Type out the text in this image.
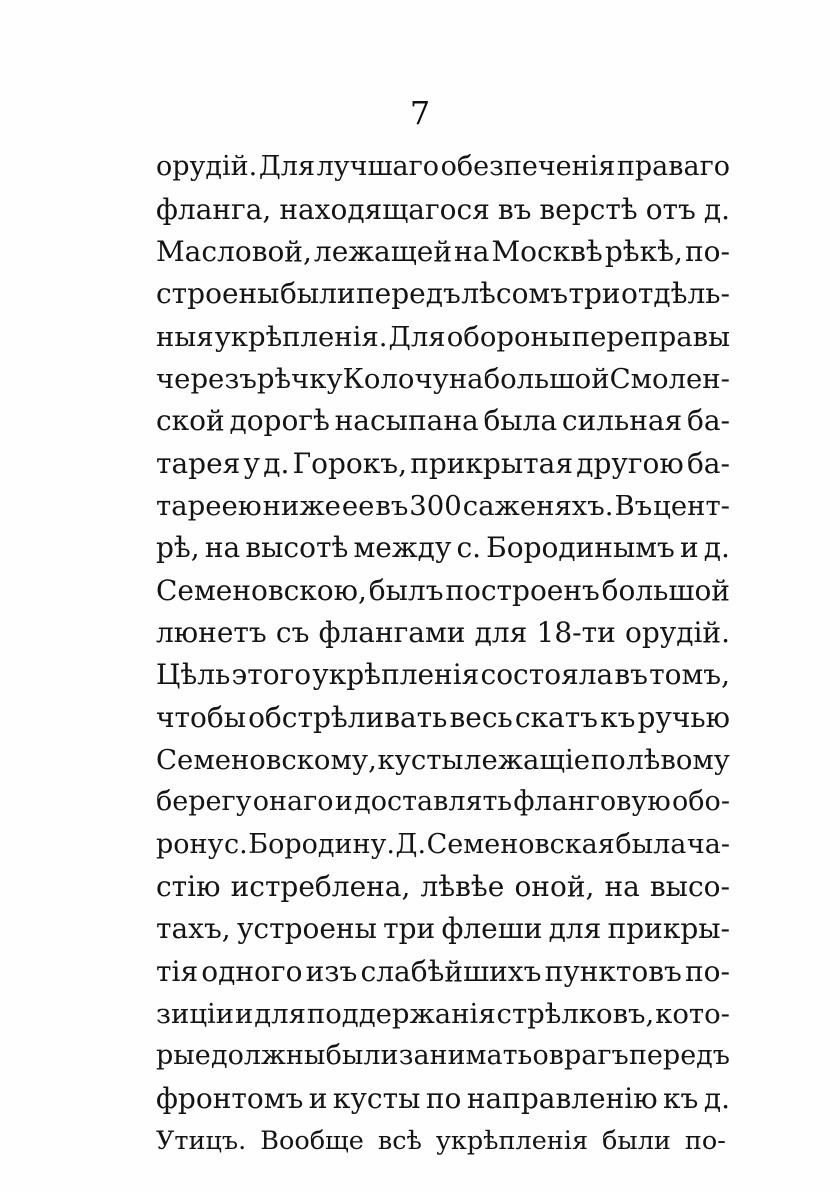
7
орудій. Для лучшаго обезпеченія праваго
фланга, находящагося въ верстѣ отъ д.
Масловой, лежащей на Москвѣ рѣкѣ, по-
строены были передъ лѣсомъ три отдѣль-
ныя укрѣпленія. Для обороны переправы
черезъ рѣчку Колочу на большой Смолен-
ской дорогѣ насыпана была сильная ба-
тарея у д. Горокъ, прикрытая другою ба-
тареею ниже ее въ 300 саженяхъ. Въ цент-
рѣ, на высотѣ между с. Бородинымъ и д.
Семеновскою, былъ построенъ большой
люнетъ съ флангами для 18-ти орудій.
Цѣль этого укрѣпленія состояла въ томъ,
чтобы обстрѣливать весь скатъ къ ручью
Семеновскому, кусты лежащіе по лѣвому
берегу онаго и доставлять фланговую обо-
рону с. Бородину. Д. Семеновская была ча-
стію истреблена, лѣвѣе оной, на высо-
тахъ, устроены три флеши для прикры-
тія одного изъ слабѣйшихъ пунктовъ по-
зиціи и для поддержанія стрѣлковъ, кото-
рые должны были занимать оврагъ передъ
фронтомъ и кусты по направленію къ д.
Утицъ. Вообще всѣ укрѣпленія были по-
